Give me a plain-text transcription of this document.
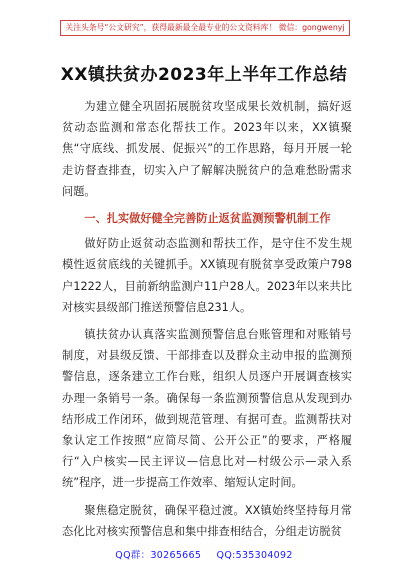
关注头条号“公文研究”，获得最新最全最专业的公文资料库！ 微信：gongwenyj
XX镇扶贫办2023年上半年工作总结

为建立健全巩固拓展脱贫攻坚成果长效机制，搞好返贫动态监测和常态化帮扶工作。2023年以来，XX镇聚焦“守底线、抓发展、促振兴”的工作思路，每月开展一轮走访督查排查，切实入户了解解决脱贫户的急难愁盼需求问题。

一、扎实做好健全完善防止返贫监测预警机制工作

做好防止返贫动态监测和帮扶工作，是守住不发生规模性返贫底线的关键抓手。XX镇现有脱贫享受政策户798户1222人，目前新纳监测户11户28人。2023年以来共比对核实县级部门推送预警信息231人。

镇扶贫办认真落实监测预警信息台账管理和对账销号制度，对县级反馈、干部排查以及群众主动申报的监测预警信息，逐条建立工作台账，组织人员逐户开展调查核实办理一条销号一条。确保每一条监测预警信息从发现到办结形成工作闭环，做到规范管理、有据可查。监测帮扶对象认定工作按照“应简尽简、公开公正”的要求，严格履行“入户核实—民主评议—信息比对—村级公示—录入系统”程序，进一步提高工作效率、缩短认定时间。

聚焦稳定脱贫，确保平稳过渡。XX镇始终坚持每月常态化比对核实预警信息和集中排查相结合，分组走访脱贫

QQ群：30265665 QQ:535304092
